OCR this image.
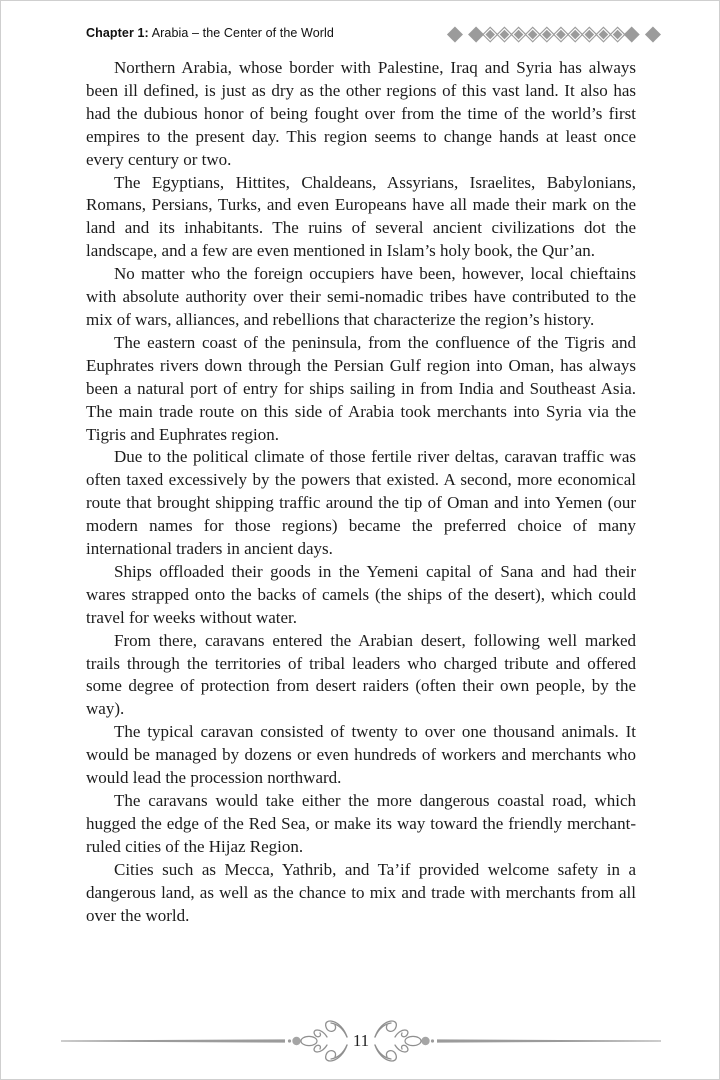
Chapter 1: Arabia – the Center of the World	◆ ◆◈◈◈◈◈◈◈◈◈◈◆ ◆

Northern Arabia, whose border with Palestine, Iraq and Syria has always been ill defined, is just as dry as the other regions of this vast land. It also has had the dubious honor of being fought over from the time of the world’s first empires to the present day. This region seems to change hands at least once every century or two.

The Egyptians, Hittites, Chaldeans, Assyrians, Israelites, Babylonians, Romans, Persians, Turks, and even Europeans have all made their mark on the land and its inhabitants. The ruins of several ancient civilizations dot the landscape, and a few are even mentioned in Islam’s holy book, the Qur’an.

No matter who the foreign occupiers have been, however, local chieftains with absolute authority over their semi-nomadic tribes have contributed to the mix of wars, alliances, and rebellions that characterize the region’s history.

The eastern coast of the peninsula, from the confluence of the Tigris and Euphrates rivers down through the Persian Gulf region into Oman, has always been a natural port of entry for ships sailing in from India and Southeast Asia. The main trade route on this side of Arabia took merchants into Syria via the Tigris and Euphrates region.

Due to the political climate of those fertile river deltas, caravan traffic was often taxed excessively by the powers that existed. A second, more economical route that brought shipping traffic around the tip of Oman and into Yemen (our modern names for those regions) became the preferred choice of many international traders in ancient days.

Ships offloaded their goods in the Yemeni capital of Sana and had their wares strapped onto the backs of camels (the ships of the desert), which could travel for weeks without water.

From there, caravans entered the Arabian desert, following well marked trails through the territories of tribal leaders who charged tribute and offered some degree of protection from desert raiders (often their own people, by the way).

The typical caravan consisted of twenty to over one thousand animals. It would be managed by dozens or even hundreds of workers and merchants who would lead the procession northward.

The caravans would take either the more dangerous coastal road, which hugged the edge of the Red Sea, or make its way toward the friendly merchant-ruled cities of the Hijaz Region.

Cities such as Mecca, Yathrib, and Ta’if provided welcome safety in a dangerous land, as well as the chance to mix and trade with merchants from all over the world.

11
